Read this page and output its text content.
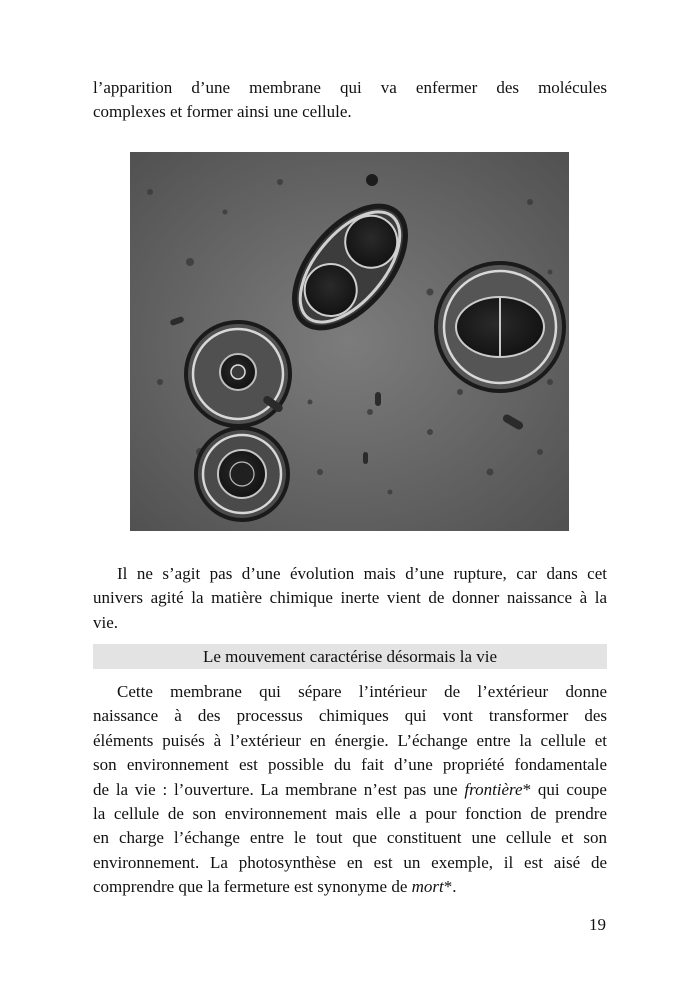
l’apparition d’une membrane qui va enfermer des molécules
complexes et former ainsi une cellule.

Il ne s’agit pas d’une évolution mais d’une rupture, car dans cet
univers agité la matière chimique inerte vient de donner naissance à la
vie.

Le mouvement caractérise désormais la vie

Cette membrane qui sépare l’intérieur de l’extérieur donne
naissance à des processus chimiques qui vont transformer des
éléments puisés à l’extérieur en énergie. L’échange entre la cellule et
son environnement est possible du fait d’une propriété fondamentale
de la vie : l’ouverture. La membrane n’est pas une frontière* qui coupe
la cellule de son environnement mais elle a pour fonction de prendre
en charge l’échange entre le tout que constituent une cellule et son
environnement. La photosynthèse en est un exemple, il est aisé de
comprendre que la fermeture est synonyme de mort*.

19
